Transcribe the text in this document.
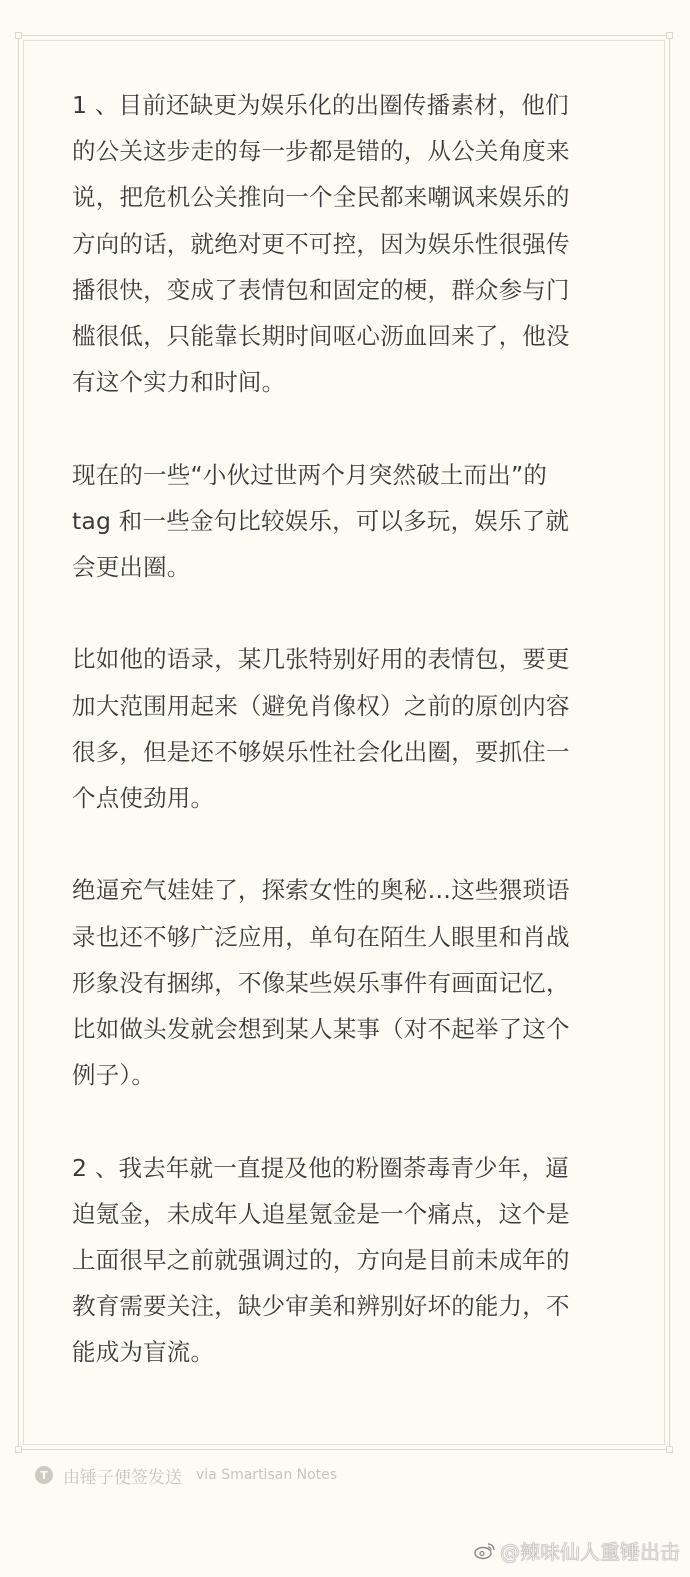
1 、目前还缺更为娱乐化的出圈传播素材，他们
的公关这步走的每一步都是错的，从公关角度来
说，把危机公关推向一个全民都来嘲讽来娱乐的
方向的话，就绝对更不可控，因为娱乐性很强传
播很快，变成了表情包和固定的梗，群众参与门
槛很低，只能靠长期时间呕心沥血回来了，他没
有这个实力和时间。

现在的一些“小伙过世两个月突然破土而出”的
tag 和一些金句比较娱乐，可以多玩，娱乐了就
会更出圈。

比如他的语录，某几张特别好用的表情包，要更
加大范围用起来（避免肖像权）之前的原创内容
很多，但是还不够娱乐性社会化出圈，要抓住一
个点使劲用。

绝逼充气娃娃了，探索女性的奥秘…这些猥琐语
录也还不够广泛应用，单句在陌生人眼里和肖战
形象没有捆绑，不像某些娱乐事件有画面记忆，
比如做头发就会想到某人某事（对不起举了这个
例子）。

2 、我去年就一直提及他的粉圈荼毒青少年，逼
迫氪金，未成年人追星氪金是一个痛点，这个是
上面很早之前就强调过的，方向是目前未成年的
教育需要关注，缺少审美和辨别好坏的能力，不
能成为盲流。

T 由锤子便签发送 via Smartisan Notes
@辣味仙人重锤出击
